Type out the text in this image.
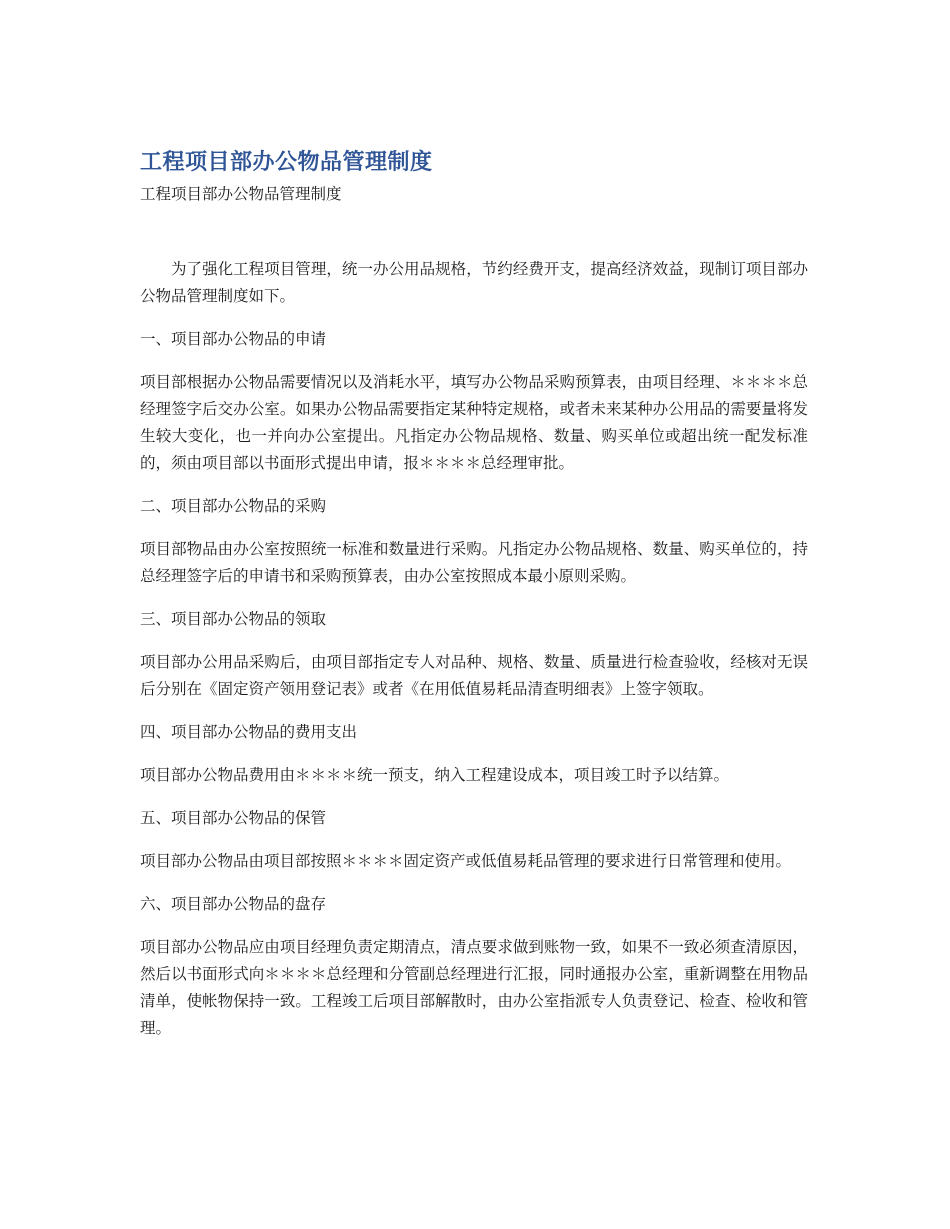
工程项目部办公物品管理制度

工程项目部办公物品管理制度

为了强化工程项目管理，统一办公用品规格，节约经费开支，提高经济效益，现制订项目部办公物品管理制度如下。

一、项目部办公物品的申请

项目部根据办公物品需要情况以及消耗水平，填写办公物品采购预算表，由项目经理、＊＊＊＊总经理签字后交办公室。如果办公物品需要指定某种特定规格，或者未来某种办公用品的需要量将发生较大变化，也一并向办公室提出。凡指定办公物品规格、数量、购买单位或超出统一配发标准的，须由项目部以书面形式提出申请，报＊＊＊＊总经理审批。

二、项目部办公物品的采购

项目部物品由办公室按照统一标准和数量进行采购。凡指定办公物品规格、数量、购买单位的，持总经理签字后的申请书和采购预算表，由办公室按照成本最小原则采购。

三、项目部办公物品的领取

项目部办公用品采购后，由项目部指定专人对品种、规格、数量、质量进行检查验收，经核对无误后分别在《固定资产领用登记表》或者《在用低值易耗品清查明细表》上签字领取。

四、项目部办公物品的费用支出

项目部办公物品费用由＊＊＊＊统一预支，纳入工程建设成本，项目竣工时予以结算。

五、项目部办公物品的保管

项目部办公物品由项目部按照＊＊＊＊固定资产或低值易耗品管理的要求进行日常管理和使用。

六、项目部办公物品的盘存

项目部办公物品应由项目经理负责定期清点，清点要求做到账物一致，如果不一致必须查清原因，然后以书面形式向＊＊＊＊总经理和分管副总经理进行汇报，同时通报办公室，重新调整在用物品清单，使帐物保持一致。工程竣工后项目部解散时，由办公室指派专人负责登记、检查、检收和管理。
